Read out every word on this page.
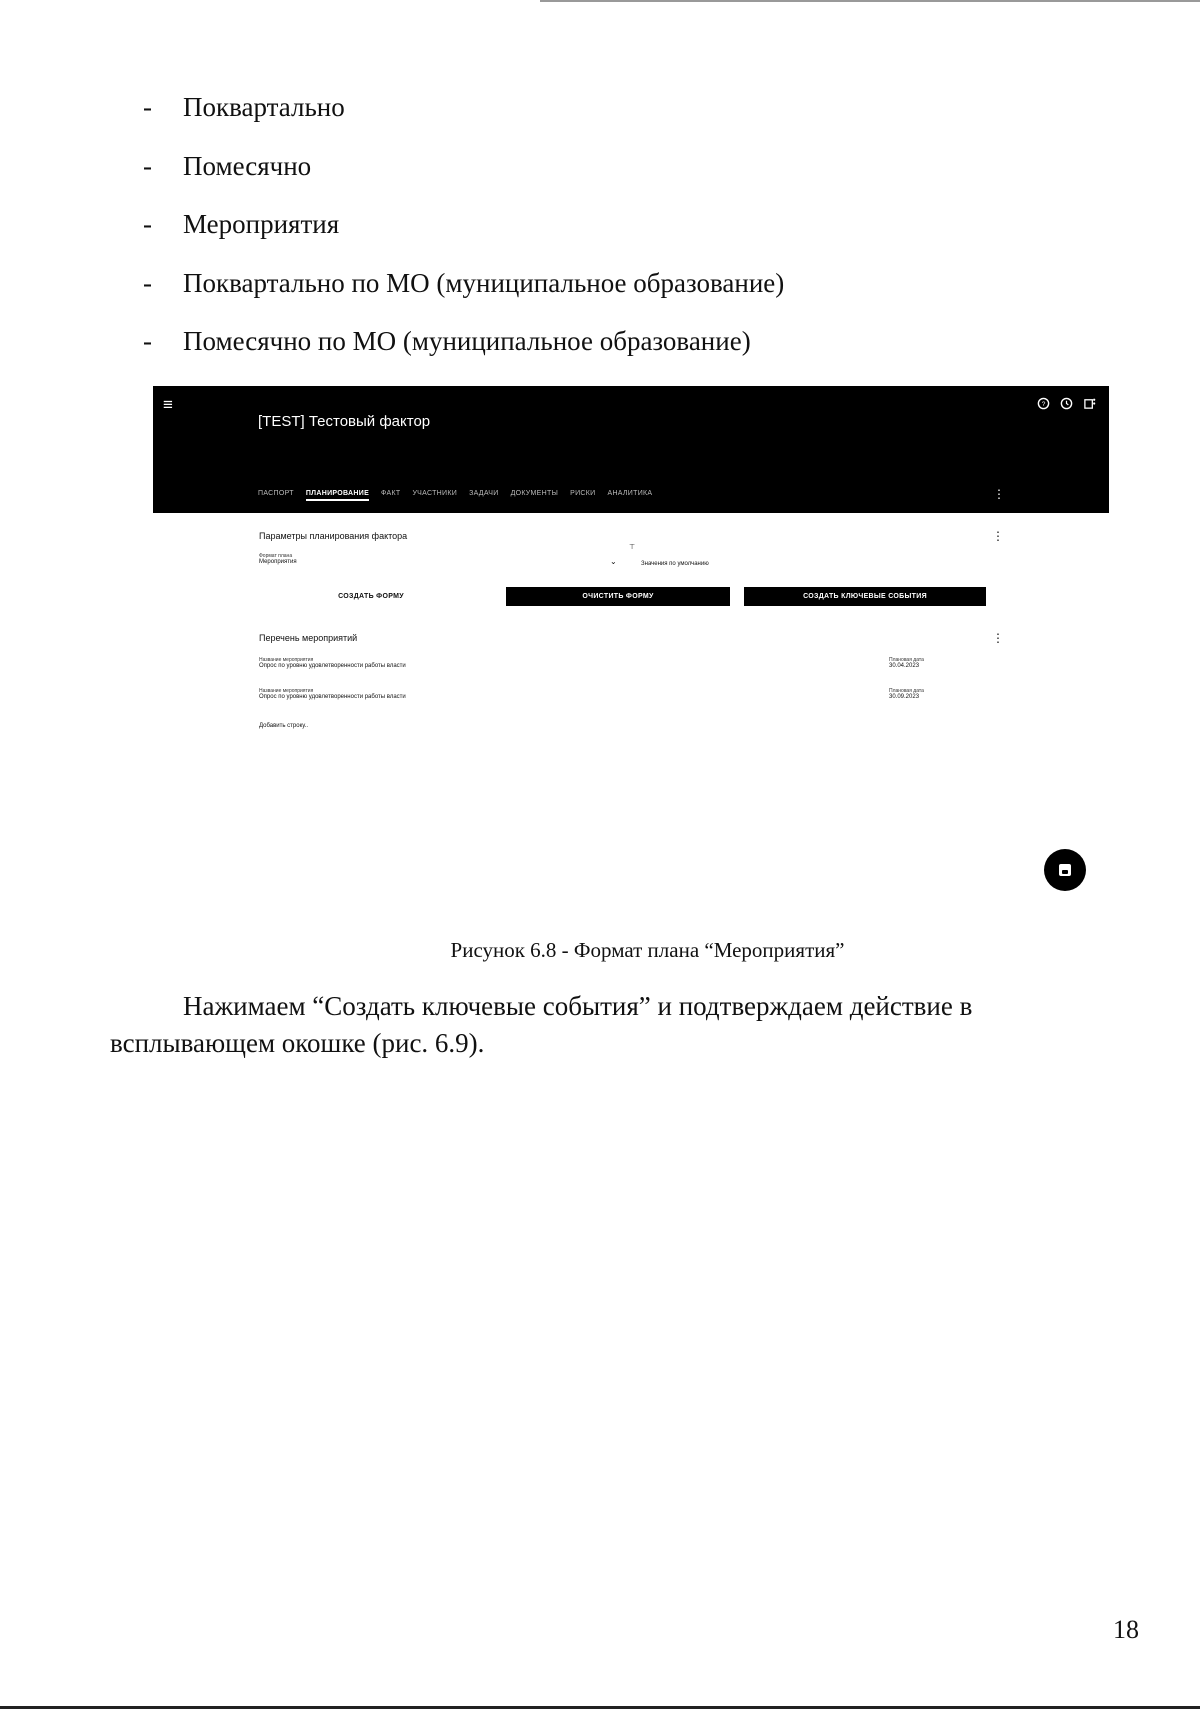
-	Поквартально
-	Помесячно
-	Мероприятия
-	Поквартально по МО (муниципальное образование)
-	Помесячно по МО (муниципальное образование)
≡
[TEST] Тестовый фактор
?
ПАСПОРТ ПЛАНИРОВАНИЕ ФАКТ УЧАСТНИКИ ЗАДАЧИ ДОКУМЕНТЫ РИСКИ АНАЛИТИКА	⋮
Параметры планирования фактора	⋮
Формат плана
Мероприятия	⌄
⊤
Значения по умолчанию
СОЗДАТЬ ФОРМУ	ОЧИСТИТЬ ФОРМУ	СОЗДАТЬ КЛЮЧЕВЫЕ СОБЫТИЯ
Перечень мероприятий	⋮
Название мероприятия
Опрос по уровню удовлетворенности работы власти
Плановая дата
30.04.2023
Название мероприятия
Опрос по уровню удовлетворенности работы власти
Плановая дата
30.09.2023
Добавить строку..
Рисунок 6.8 - Формат плана “Мероприятия”

Нажимаем “Создать ключевые события” и подтверждаем действие в всплывающем окошке (рис. 6.9).

18
